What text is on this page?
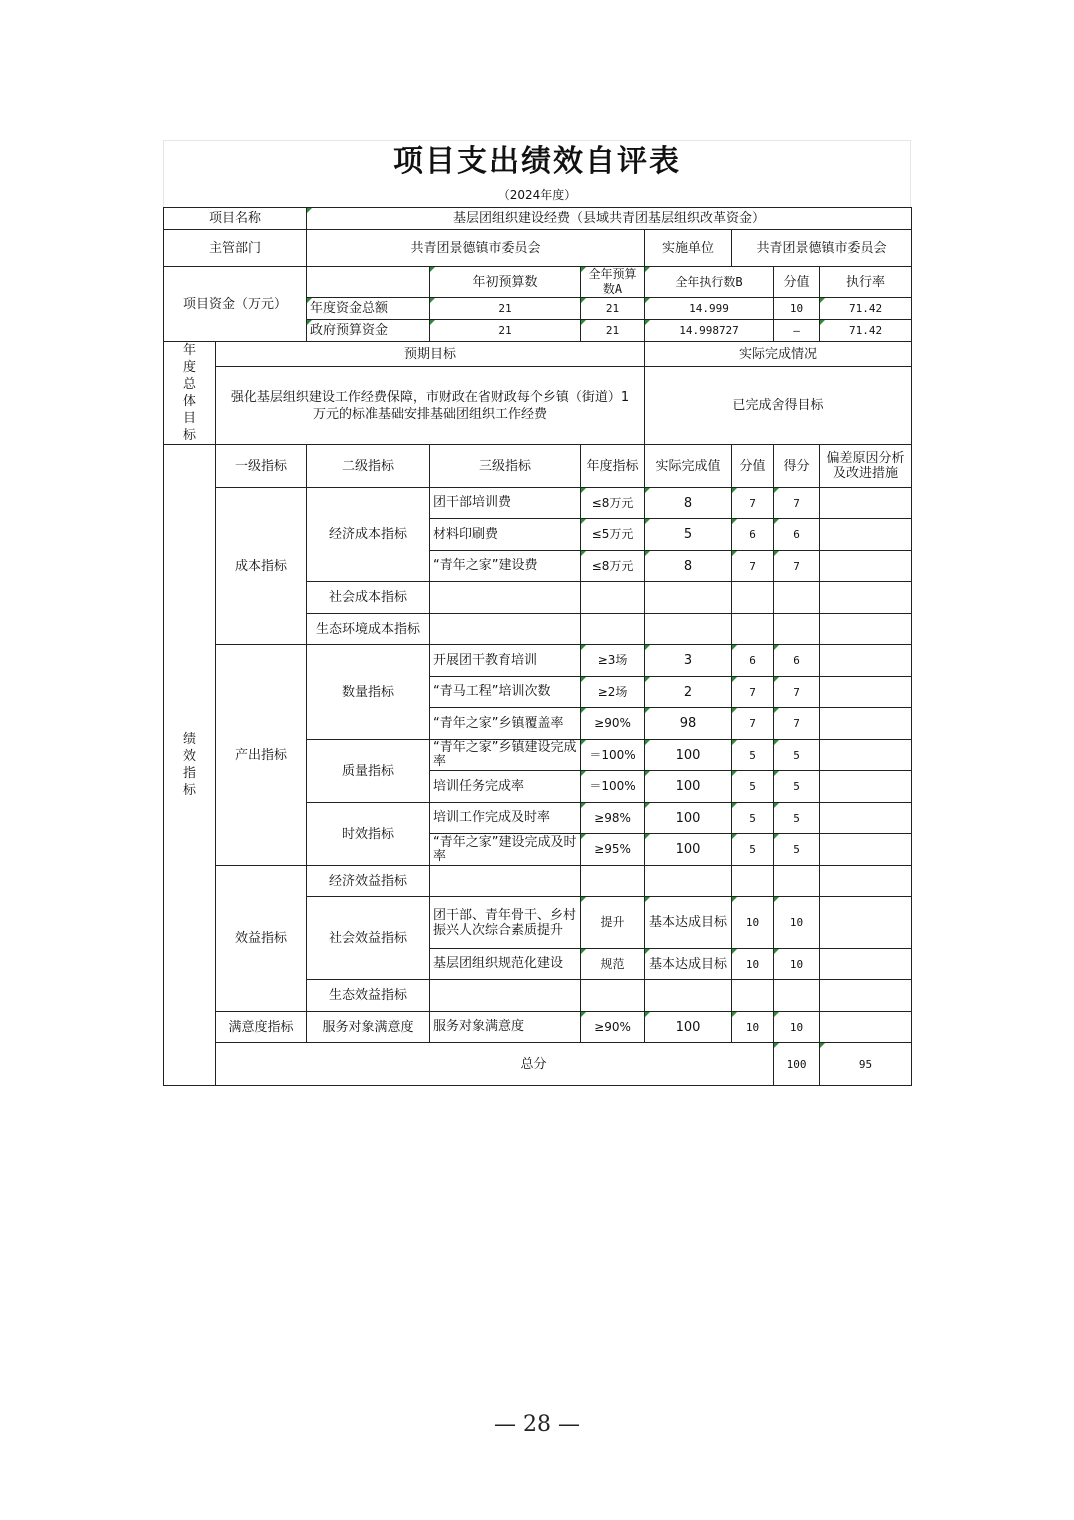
项目支出绩效自评表
（2024年度）
项目名称		基层团组织建设经费（县域共青团基层组织改革资金）							
主管部门		共青团景德镇市委员会			实施单位	共青团景德镇市委员会			
项目资金（万元）			年初预算数	全年预算数A	全年执行数B		分值	执行率	
		年度资金总额	21	21	14.999		10	71.42	
		政府预算资金	21	21	14.998727		—	71.42	
年度总体目标	预期目标				实际完成情况				
	强化基层组织建设工作经费保障，市财政在省财政每个乡镇（街道）1万元的标准基础安排基础团组织工作经费				已完成舍得目标				
绩效指标	一级指标	二级指标	三级指标	年度指标	实际完成值	分值	得分	偏差原因分析及改进措施	
	成本指标	经济成本指标	团干部培训费	≤8万元	8	7	7		
			材料印刷费	≤5万元	5	6	6		
			“青年之家”建设费	≤8万元	8	7	7		
		社会成本指标							
		生态环境成本指标							
	产出指标	数量指标	开展团干教育培训	≥3场	3	6	6		
			“青马工程”培训次数	≥2场	2	7	7		
			“青年之家”乡镇覆盖率	≥90%	98	7	7		
		质量指标	“青年之家”乡镇建设完成率	＝100%	100	5	5		
			培训任务完成率	＝100%	100	5	5		
		时效指标	培训工作完成及时率	≥98%	100	5	5		
			“青年之家”建设完成及时率	≥95%	100	5	5		
	效益指标	经济效益指标							
		社会效益指标	团干部、青年骨干、乡村振兴人次综合素质提升	提升	基本达成目标	10	10		
			基层团组织规范化建设	规范	基本达成目标	10	10		
		生态效益指标							
	满意度指标	服务对象满意度	服务对象满意度	≥90%	100	10	10		
	总分						100	95	
— 28 —
